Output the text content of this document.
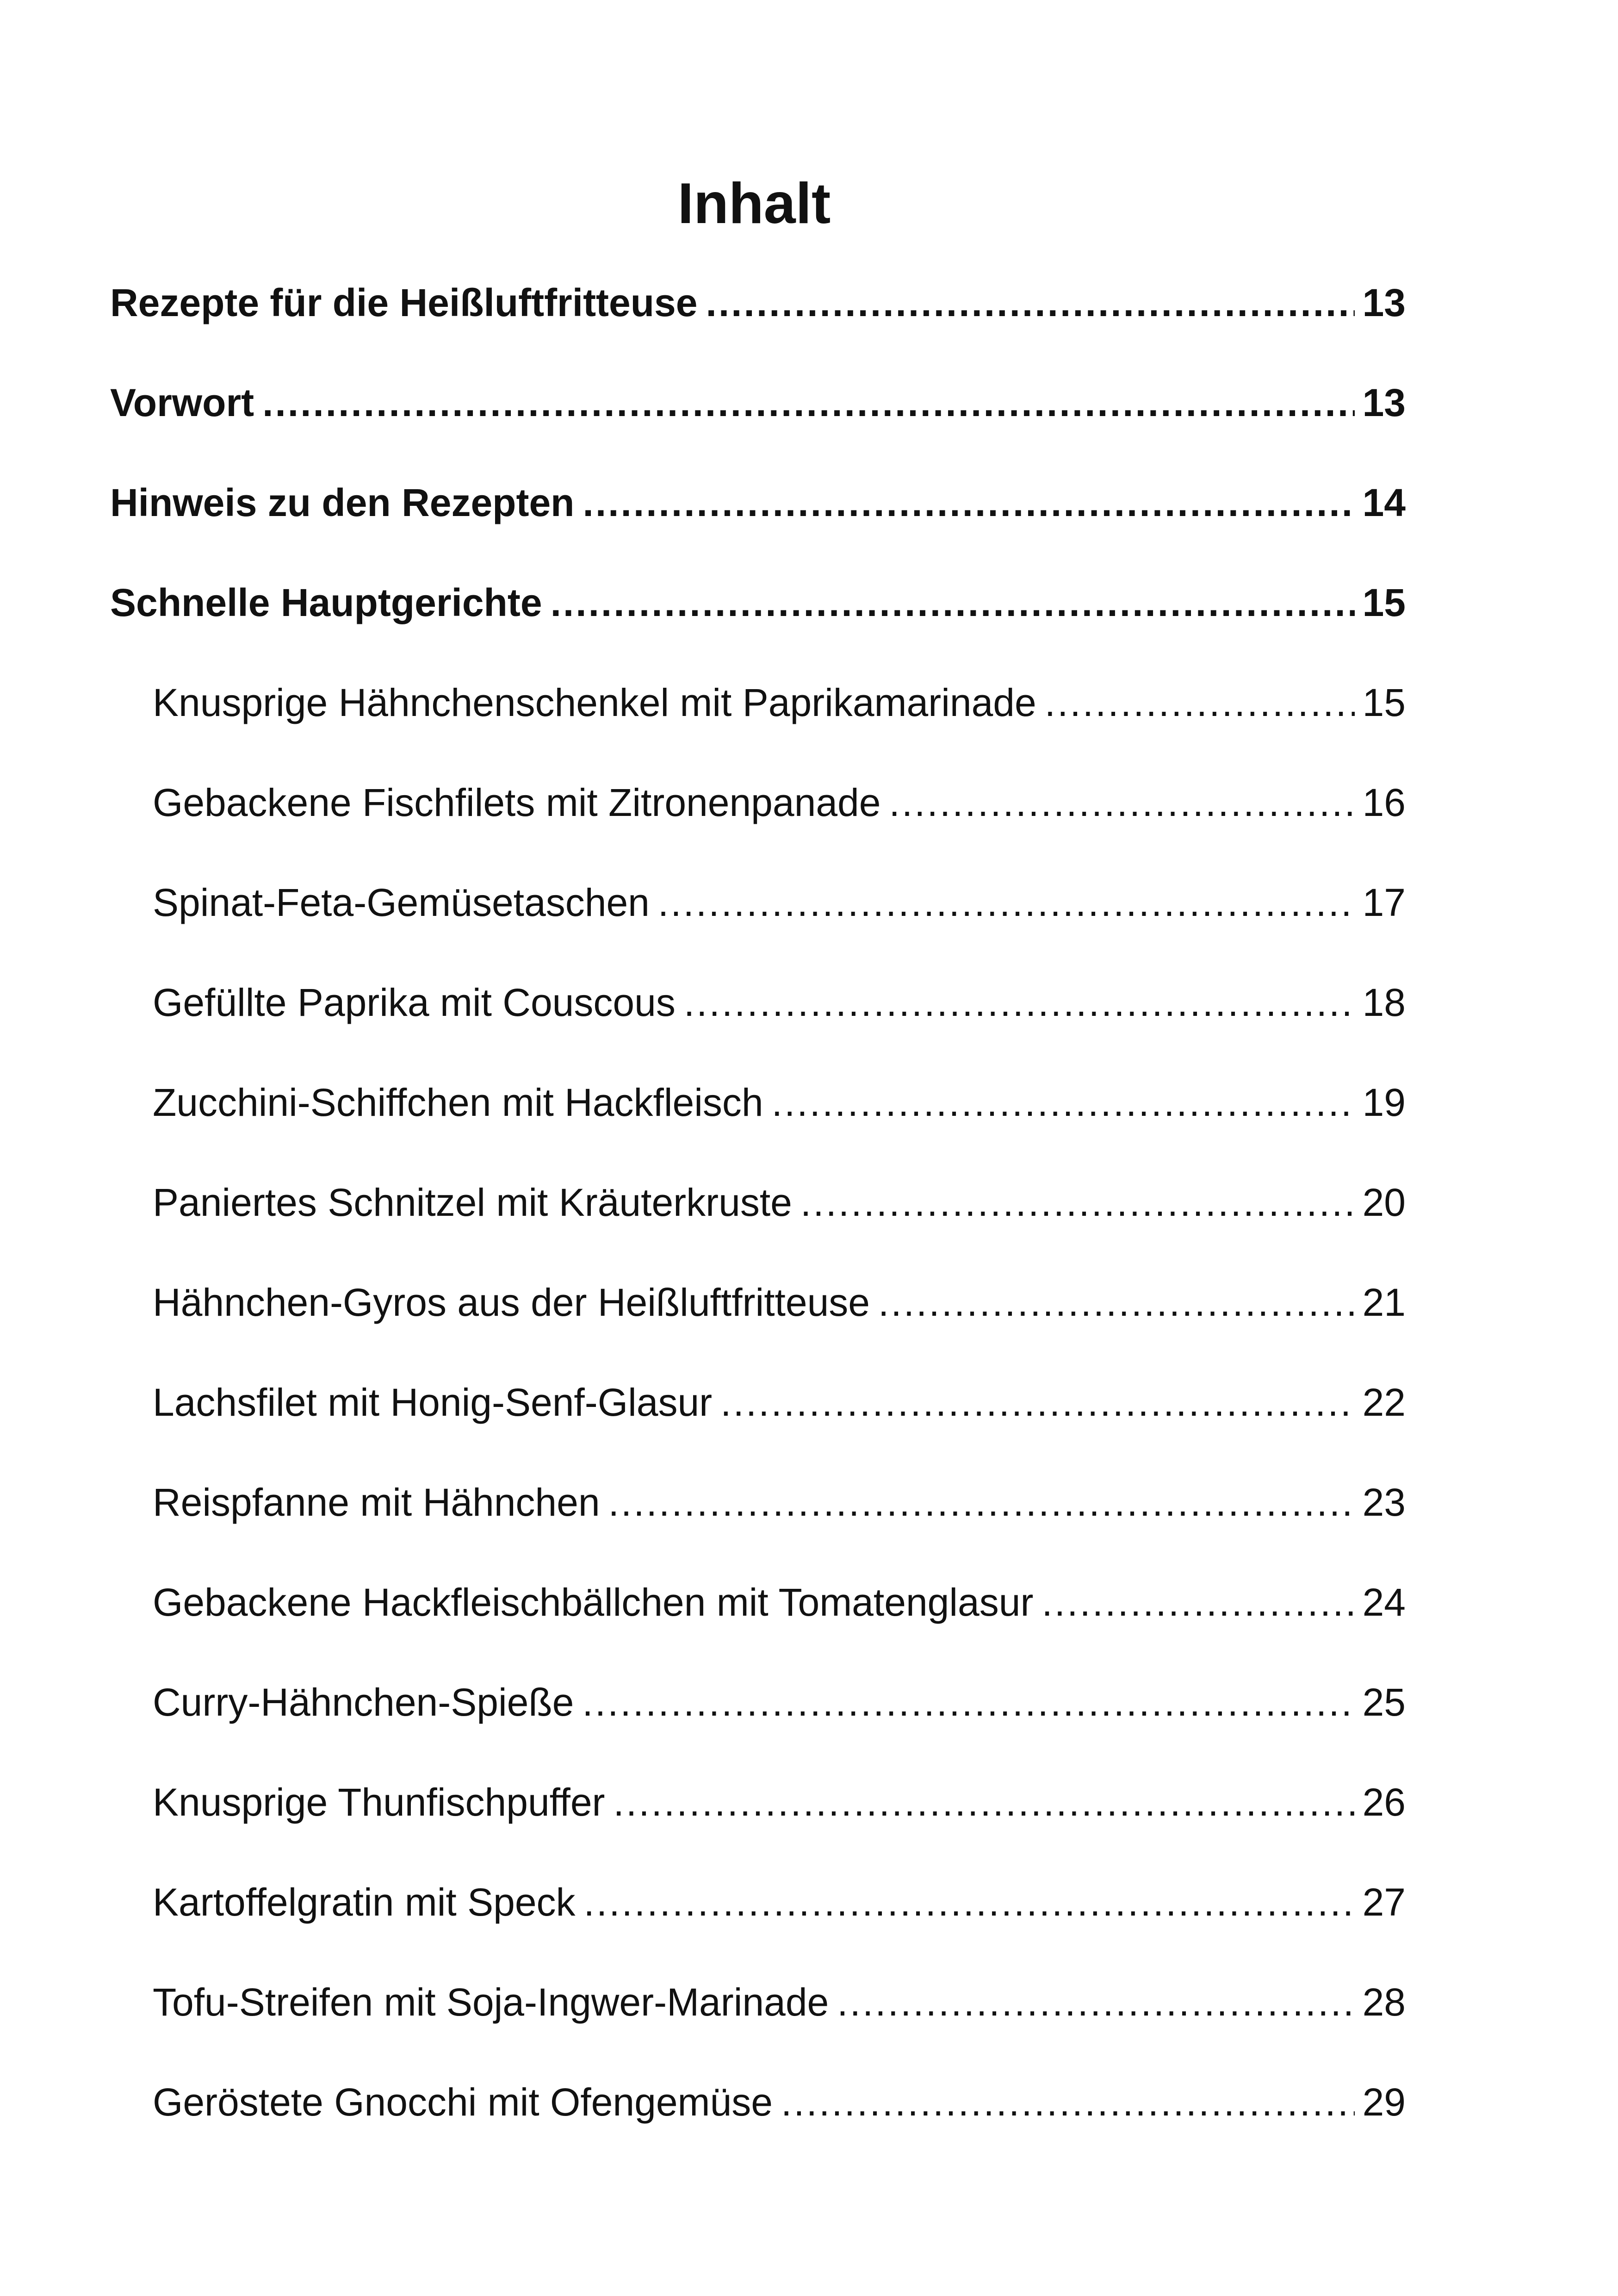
Inhalt
Rezepte für die Heißluftfritteuse .....	13
Vorwort .....	13
Hinweis zu den Rezepten .....	14
Schnelle Hauptgerichte .....	15
Knusprige Hähnchenschenkel mit Paprikamarinade .....	15
Gebackene Fischfilets mit Zitronenpanade .....	16
Spinat-Feta-Gemüsetaschen .....	17
Gefüllte Paprika mit Couscous .....	18
Zucchini-Schiffchen mit Hackfleisch .....	19
Paniertes Schnitzel mit Kräuterkruste .....	20
Hähnchen-Gyros aus der Heißluftfritteuse .....	21
Lachsfilet mit Honig-Senf-Glasur .....	22
Reispfanne mit Hähnchen .....	23
Gebackene Hackfleischbällchen mit Tomatenglasur .....	24
Curry-Hähnchen-Spieße .....	25
Knusprige Thunfischpuffer .....	26
Kartoffelgratin mit Speck .....	27
Tofu-Streifen mit Soja-Ingwer-Marinade .....	28
Geröstete Gnocchi mit Ofengemüse .....	29
